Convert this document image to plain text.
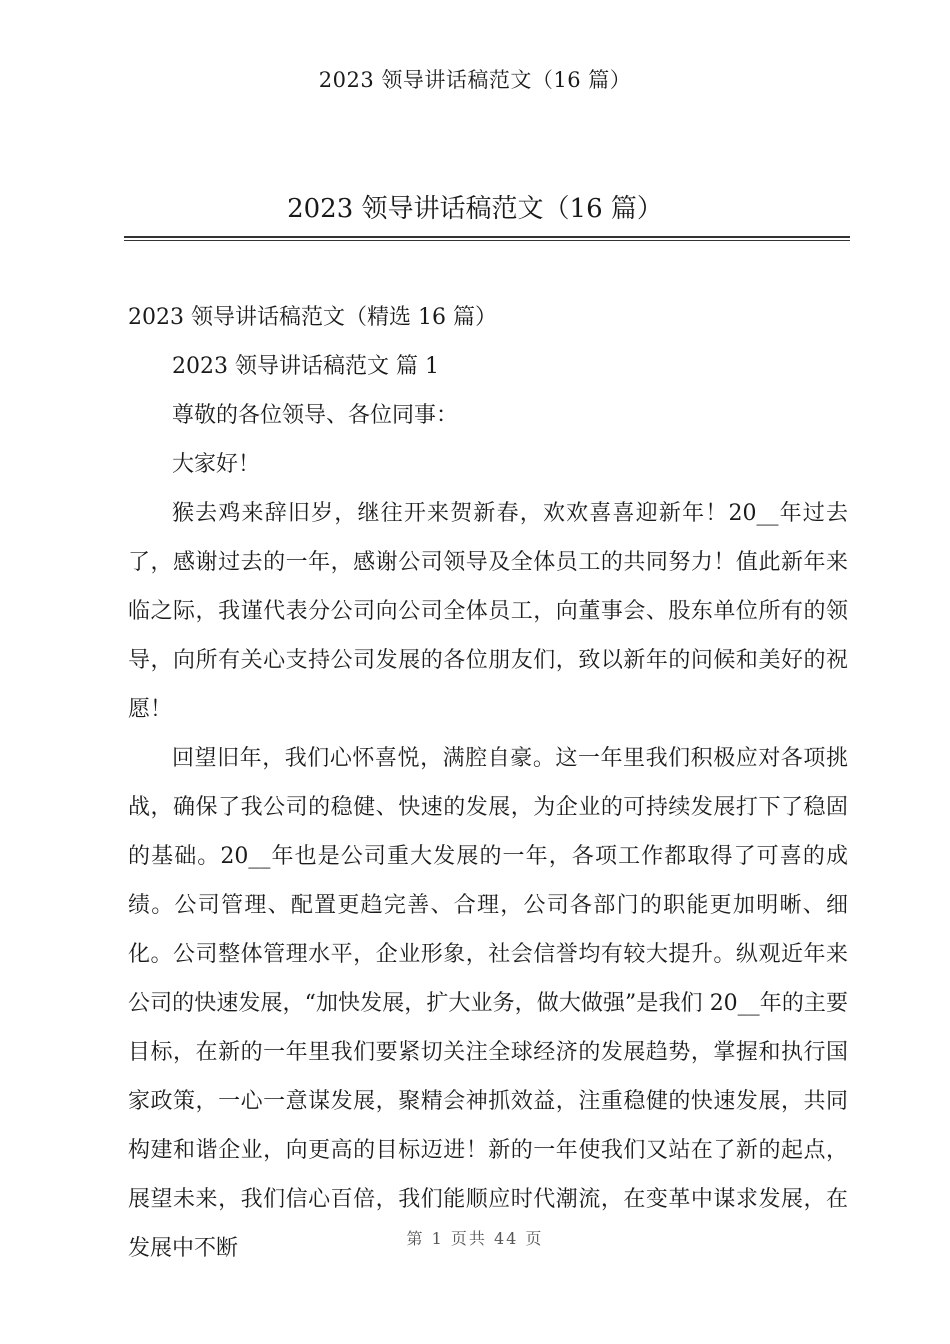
2023 领导讲话稿范文（16 篇）
2023 领导讲话稿范文（16 篇）

2023 领导讲话稿范文（精选 16 篇）

2023 领导讲话稿范文 篇 1

尊敬的各位领导、各位同事：

大家好！

猴去鸡来辞旧岁，继往开来贺新春，欢欢喜喜迎新年！20__年过去了，感谢过去的一年，感谢公司领导及全体员工的共同努力！值此新年来临之际，我谨代表分公司向公司全体员工，向董事会、股东单位所有的领导，向所有关心支持公司发展的各位朋友们，致以新年的问候和美好的祝愿！

回望旧年，我们心怀喜悦，满腔自豪。这一年里我们积极应对各项挑战，确保了我公司的稳健、快速的发展，为企业的可持续发展打下了稳固的基础。20__年也是公司重大发展的一年，各项工作都取得了可喜的成绩。公司管理、配置更趋完善、合理，公司各部门的职能更加明晰、细化。公司整体管理水平，企业形象，社会信誉均有较大提升。纵观近年来公司的快速发展，“加快发展，扩大业务，做大做强”是我们 20__年的主要目标，在新的一年里我们要紧切关注全球经济的发展趋势，掌握和执行国家政策，一心一意谋发展，聚精会神抓效益，注重稳健的快速发展，共同构建和谐企业，向更高的目标迈进！新的一年使我们又站在了新的起点，展望未来，我们信心百倍，我们能顺应时代潮流，在变革中谋求发展，在发展中不断	第 1 页共 44 页
